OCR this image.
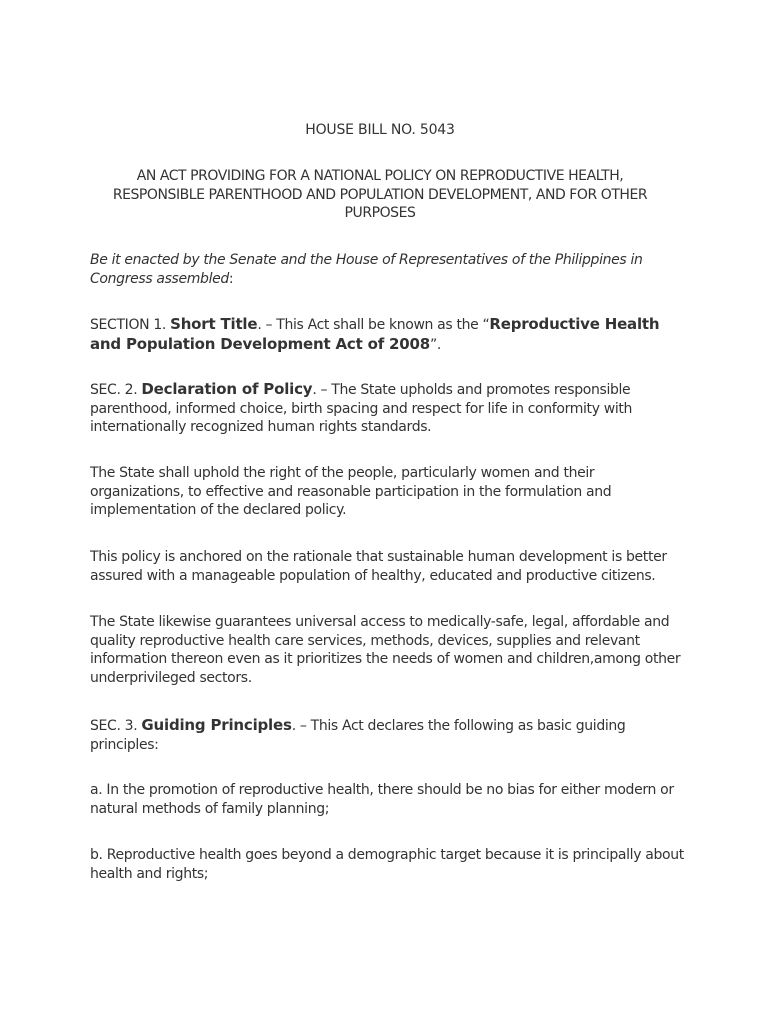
HOUSE BILL NO. 5043
AN ACT PROVIDING FOR A NATIONAL POLICY ON REPRODUCTIVE HEALTH, RESPONSIBLE PARENTHOOD AND POPULATION DEVELOPMENT, AND FOR OTHER PURPOSES

Be it enacted by the Senate and the House of Representatives of the Philippines in Congress assembled:

SECTION 1. Short Title. – This Act shall be known as the “Reproductive Health and Population Development Act of 2008”.

SEC. 2. Declaration of Policy. – The State upholds and promotes responsible parenthood, informed choice, birth spacing and respect for life in conformity with internationally recognized human rights standards.

The State shall uphold the right of the people, particularly women and their organizations, to effective and reasonable participation in the formulation and implementation of the declared policy.

This policy is anchored on the rationale that sustainable human development is better assured with a manageable population of healthy, educated and productive citizens.

The State likewise guarantees universal access to medically-safe, legal, affordable and quality reproductive health care services, methods, devices, supplies and relevant information thereon even as it prioritizes the needs of women and children,among other underprivileged sectors.

SEC. 3. Guiding Principles. – This Act declares the following as basic guiding principles:

a. In the promotion of reproductive health, there should be no bias for either modern or natural methods of family planning;

b. Reproductive health goes beyond a demographic target because it is principally about health and rights;
